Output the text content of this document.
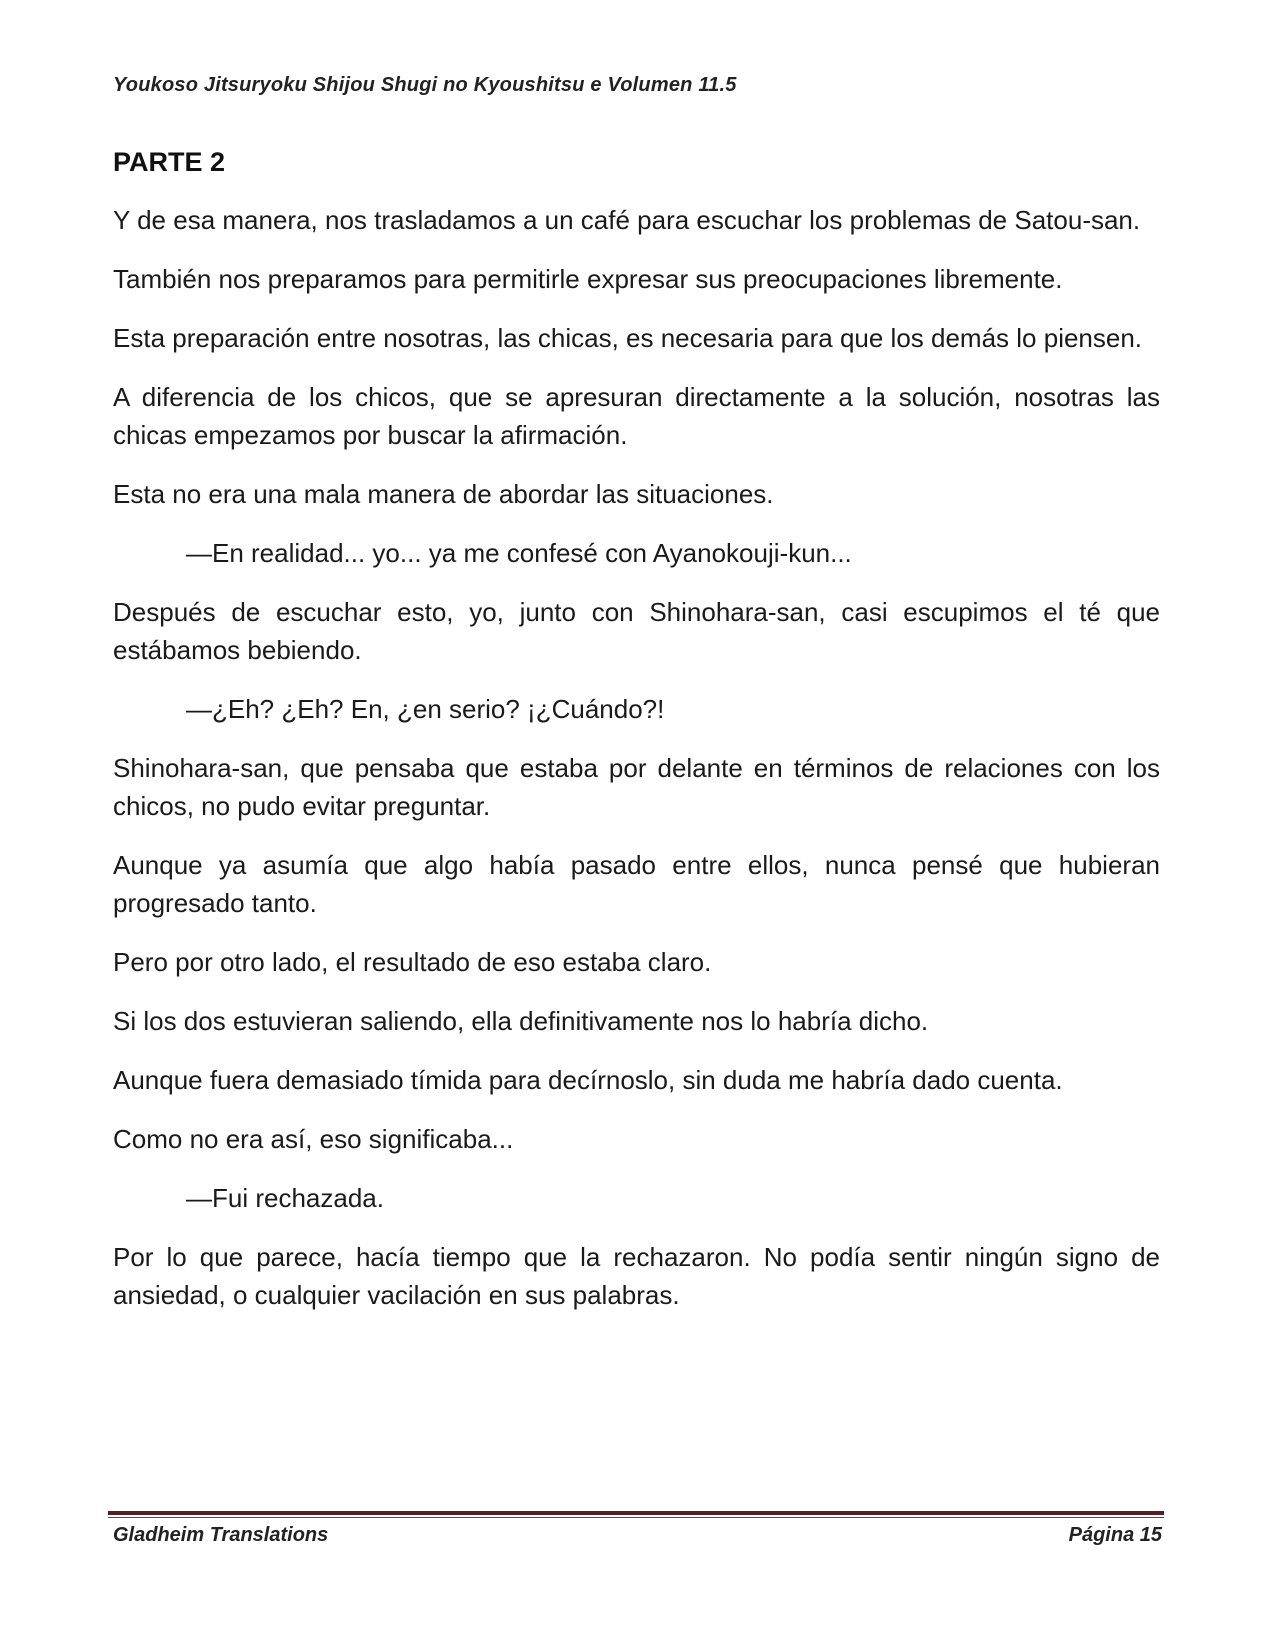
Youkoso Jitsuryoku Shijou Shugi no Kyoushitsu e Volumen 11.5
PARTE 2

Y de esa manera, nos trasladamos a un café para escuchar los problemas de Satou-san.

También nos preparamos para permitirle expresar sus preocupaciones libremente.

Esta preparación entre nosotras, las chicas, es necesaria para que los demás lo piensen.

A diferencia de los chicos, que se apresuran directamente a la solución, nosotras las chicas empezamos por buscar la afirmación.

Esta no era una mala manera de abordar las situaciones.

—En realidad... yo... ya me confesé con Ayanokouji-kun...

Después de escuchar esto, yo, junto con Shinohara-san, casi escupimos el té que estábamos bebiendo.

—¿Eh? ¿Eh? En, ¿en serio? ¡¿Cuándo?!

Shinohara-san, que pensaba que estaba por delante en términos de relaciones con los chicos, no pudo evitar preguntar.

Aunque ya asumía que algo había pasado entre ellos, nunca pensé que hubieran progresado tanto.

Pero por otro lado, el resultado de eso estaba claro.

Si los dos estuvieran saliendo, ella definitivamente nos lo habría dicho.

Aunque fuera demasiado tímida para decírnoslo, sin duda me habría dado cuenta.

Como no era así, eso significaba...

—Fui rechazada.

Por lo que parece, hacía tiempo que la rechazaron. No podía sentir ningún signo de ansiedad, o cualquier vacilación en sus palabras.

Gladheim Translations	Página 15
